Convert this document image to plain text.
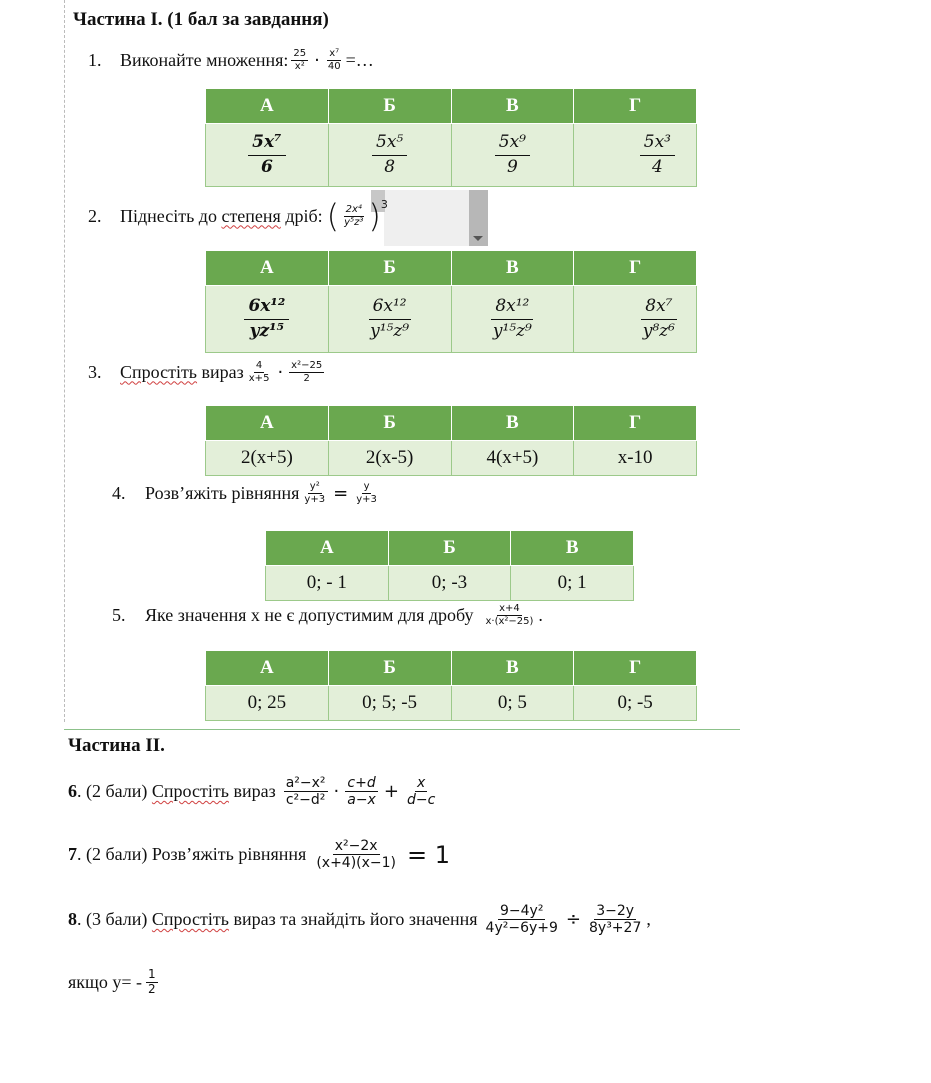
Частина І. (1 бал за завдання)
1.	Виконайте множення: $\frac{25}{\text{x²}} \cdot \frac{\text{x⁷}}{40}$ =…
А	Б	В	Г

$\frac{\text{5x⁷}}{6}$	$\frac{\text{5x⁵}}{8}$	$\frac{\text{5x⁹}}{9}$	$\frac{\text{5x³}}{4}$
2.	Піднесіть до
степеня
дріб: ( $\frac{\text{2x⁴}}{\text{y⁵z³}}$ ) 3
А	Б	В	Г

$\frac{\text{6x¹²}}{\text{yz¹⁵}}$	$\frac{\text{6x¹²}}{\text{y¹⁵z⁹}}$	$\frac{\text{8x¹²}}{\text{y¹⁵z⁹}}$	$\frac{\text{8x⁷}}{\text{y⁸z⁶}}$
3.	Спростіть
вираз $\frac{4}{x+5} \cdot \frac{\text{x²−25}}{2}$
А	Б	В	Г
2(x+5)	2(x-5)	4(x+5)	x-10
4.	Розв’яжіть рівняння $\frac{\text{y²}}{y+3} = \frac{y}{y+3}$
А	Б	В
0; - 1	0; -3	0; 1
5.	Яке значення х не є допустимим для дробу $\frac{x+4}{\text{x·(x²−25)}}$ .
А	Б	В	Г
0; 25	0; 5; -5	0; 5	0; -5
Частина ІІ.
6 . (2 бали)
Спростіть
вираз $\frac{\text{a²−x²}}{\text{c²−d²}} \cdot \frac{c+d}{a-x} + \frac{x}{d-c}$
7 . (2 бали) Розв’яжіть рівняння $\frac{\text{x²−2x}}{(x+4)(x-1)} = 1$
8 . (3 бали)
Спростіть
вираз та знайдіть його значення $\frac{\text{9−4y²}}{\text{4y²−6y+9}} \div \frac{3-2y}{\text{8y³+27}}$ ,
якщо $у= - \frac{1}{2}$
